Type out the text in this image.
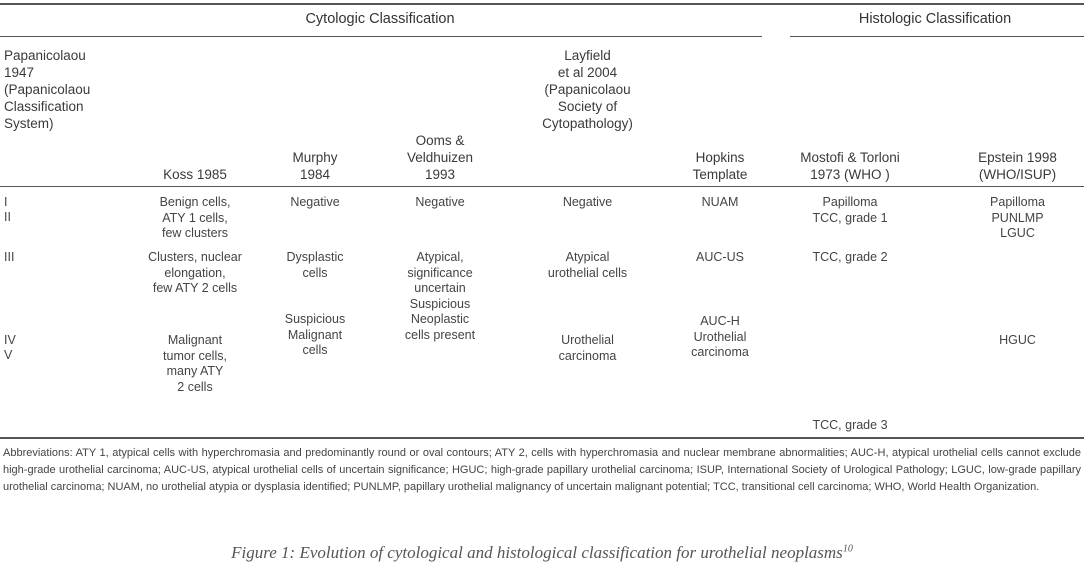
Cytologic Classification	Histologic Classification
Papanicolaou
1947
(Papanicolaou
Classification
System)
Koss 1985
Murphy
1984
Ooms &
Veldhuizen
1993
Layfield
et al 2004
(Papanicolaou
Society of
Cytopathology)
Hopkins
Template
Mostofi & Torloni
1973 (WHO )
Epstein 1998
(WHO/ISUP)
I
II
III
IV
V
Benign cells,
ATY 1 cells,
few clusters
Clusters, nuclear
elongation,
few ATY 2 cells
Malignant
tumor cells,
many ATY
2 cells
Negative
Dysplastic
cells
Suspicious
Malignant
cells
Negative
Atypical,
significance
uncertain
Suspicious
Neoplastic
cells present
Negative
Atypical
urothelial cells
Urothelial
carcinoma
NUAM
AUC-US
AUC-H
Urothelial
carcinoma
Papilloma
TCC, grade 1
TCC, grade 2
TCC, grade 3
Papilloma
PUNLMP
LGUC
HGUC
Abbreviations: ATY 1, atypical cells with hyperchromasia and predominantly round or oval contours; ATY 2, cells with hyperchromasia and nuclear membrane abnormalities; AUC-H, atypical urothelial cells cannot exclude high-grade urothelial carcinoma; AUC-US, atypical urothelial cells of uncertain significance; HGUC; high-grade papillary urothelial carcinoma; ISUP, International Society of Urological Pathology; LGUC, low-grade papillary urothelial carcinoma; NUAM, no urothelial atypia or dysplasia identified; PUNLMP, papillary urothelial malignancy of uncertain malignant potential; TCC, transitional cell carcinoma; WHO, World Health Organization.
Figure 1: Evolution of cytological and histological classification for urothelial neoplasms$^{10}$
